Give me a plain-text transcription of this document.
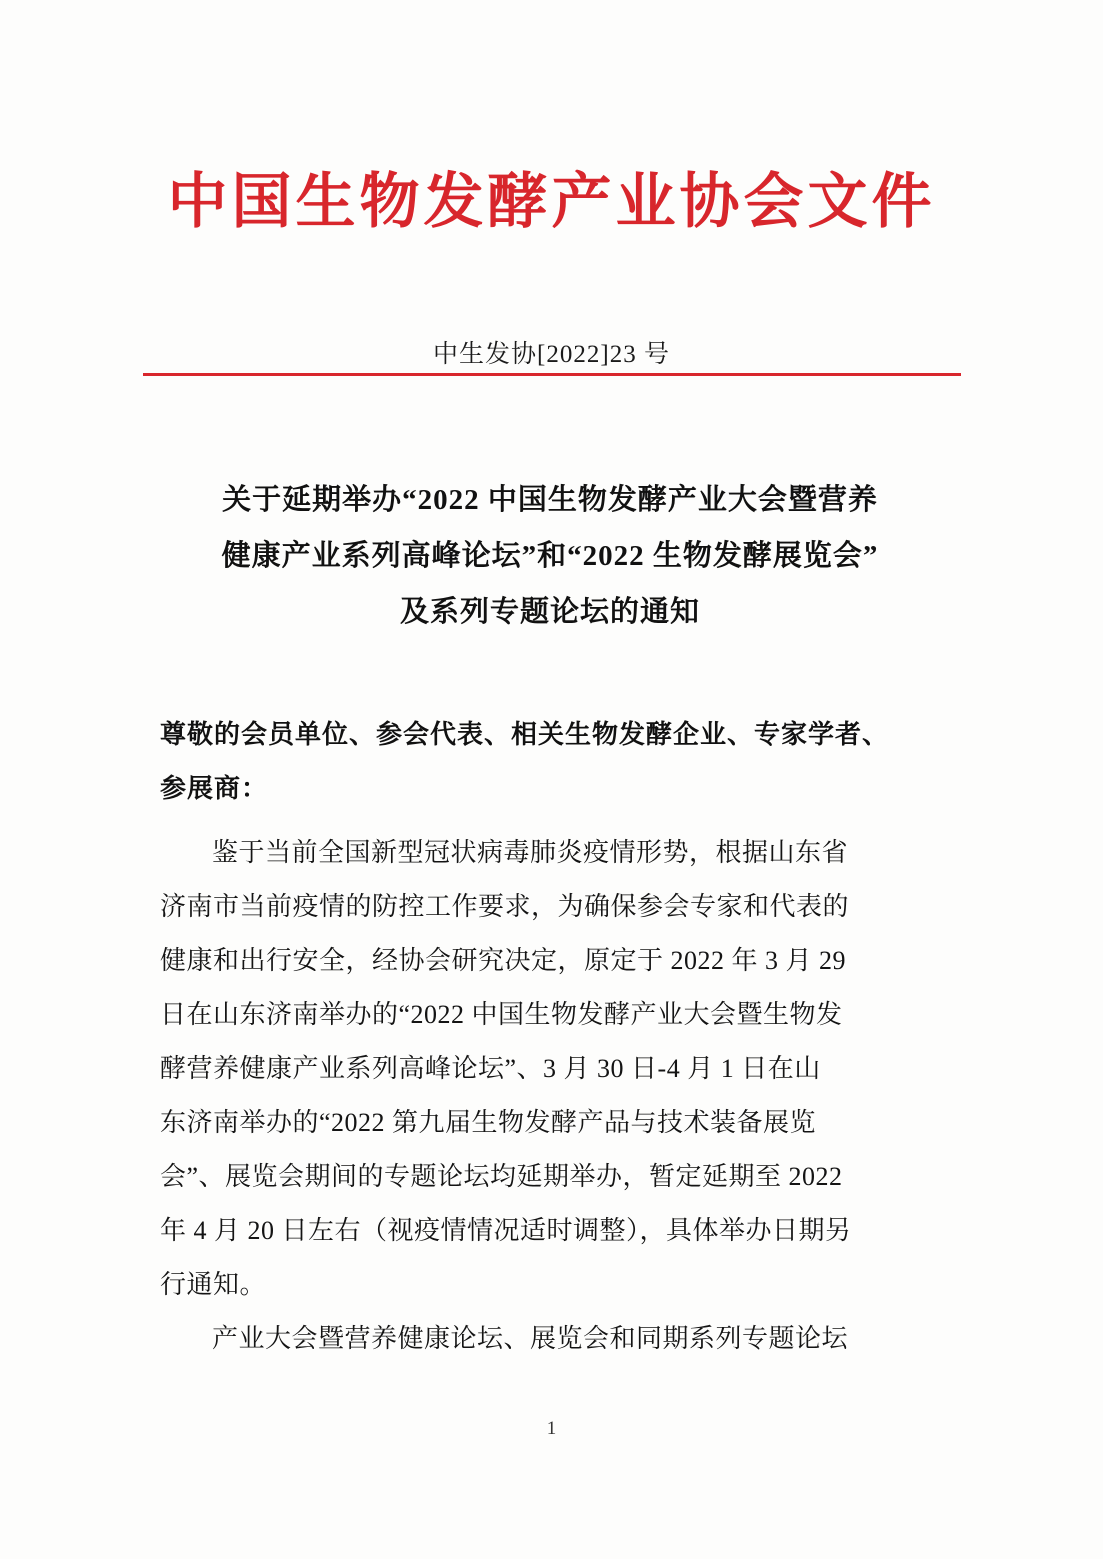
中国生物发酵产业协会文件
中生发协[2022]23 号
关于延期举办“2022 中国生物发酵产业大会暨营养
健康产业系列高峰论坛”和“2022 生物发酵展览会”
及系列专题论坛的通知
尊敬的会员单位、参会代表、相关生物发酵企业、专家学者、
参展商：

鉴于当前全国新型冠状病毒肺炎疫情形势，根据山东省
济南市当前疫情的防控工作要求，为确保参会专家和代表的
健康和出行安全，经协会研究决定，原定于 2022 年 3 月 29
日在山东济南举办的“2022 中国生物发酵产业大会暨生物发
酵营养健康产业系列高峰论坛”、3 月 30 日-4 月 1 日在山
东济南举办的“2022 第九届生物发酵产品与技术装备展览
会”、展览会期间的专题论坛均延期举办，暂定延期至 2022
年 4 月 20 日左右（视疫情情况适时调整），具体举办日期另
行通知。

产业大会暨营养健康论坛、展览会和同期系列专题论坛

1
